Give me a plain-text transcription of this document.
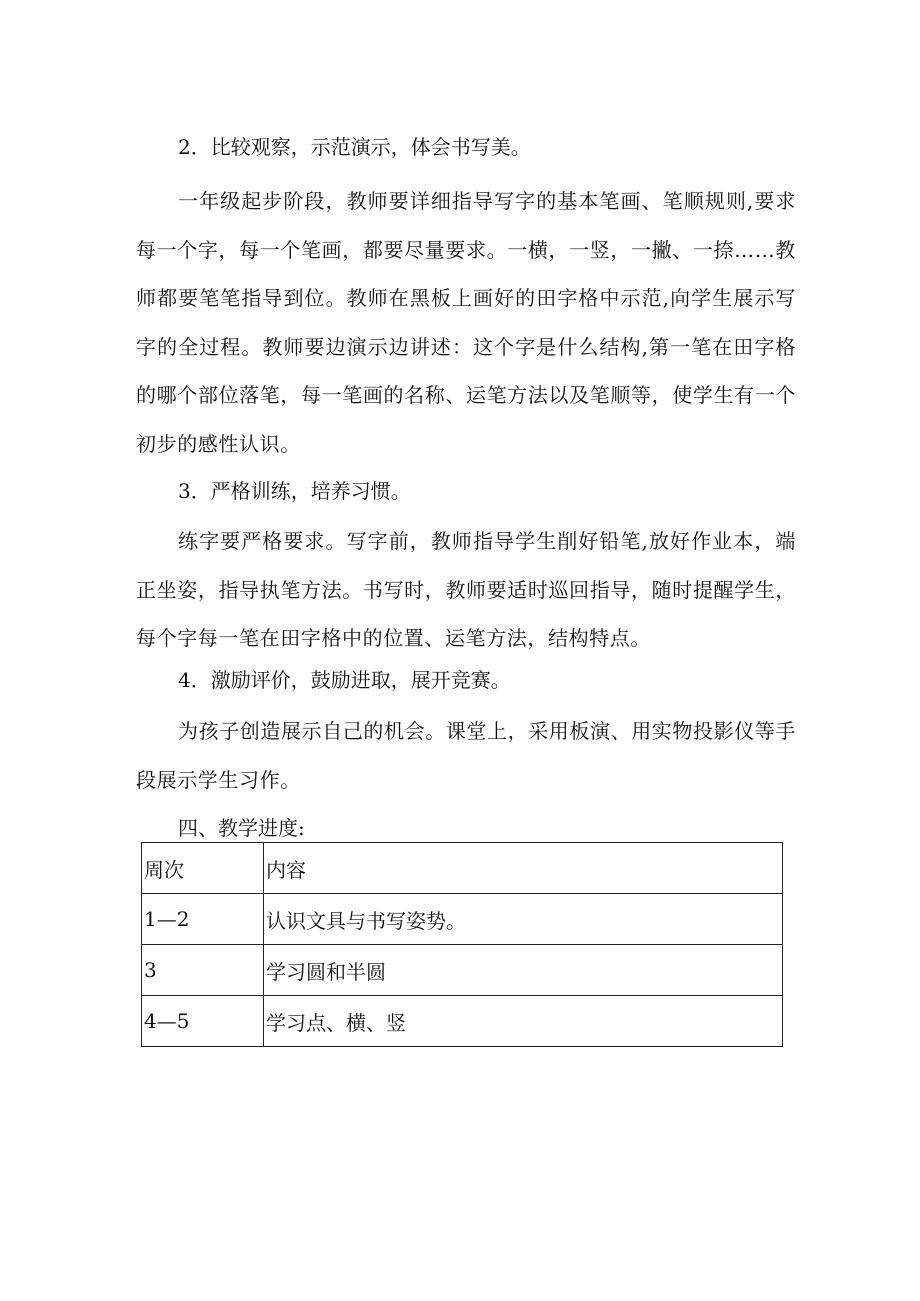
2．比较观察，示范演示，体会书写美。
一年级起步阶段，教师要详细指导写字的基本笔画、笔顺规则,要求每一个字，每一个笔画，都要尽量要求。一横，一竖，一撇、一捺……教师都要笔笔指导到位。教师在黑板上画好的田字格中示范,向学生展示写字的全过程。教师要边演示边讲述：这个字是什么结构,第一笔在田字格的哪个部位落笔，每一笔画的名称、运笔方法以及笔顺等，使学生有一个初步的感性认识。
3．严格训练，培养习惯。
练字要严格要求。写字前，教师指导学生削好铅笔,放好作业本，端正坐姿，指导执笔方法。书写时，教师要适时巡回指导，随时提醒学生，每个字每一笔在田字格中的位置、运笔方法，结构特点。
4．激励评价，鼓励进取，展开竞赛。
为孩子创造展示自己的机会。课堂上，采用板演、用实物投影仪等手段展示学生习作。
四、教学进度:
周次	内容
1—2	认识文具与书写姿势。
3	学习圆和半圆
4—5	学习点、横、竖
